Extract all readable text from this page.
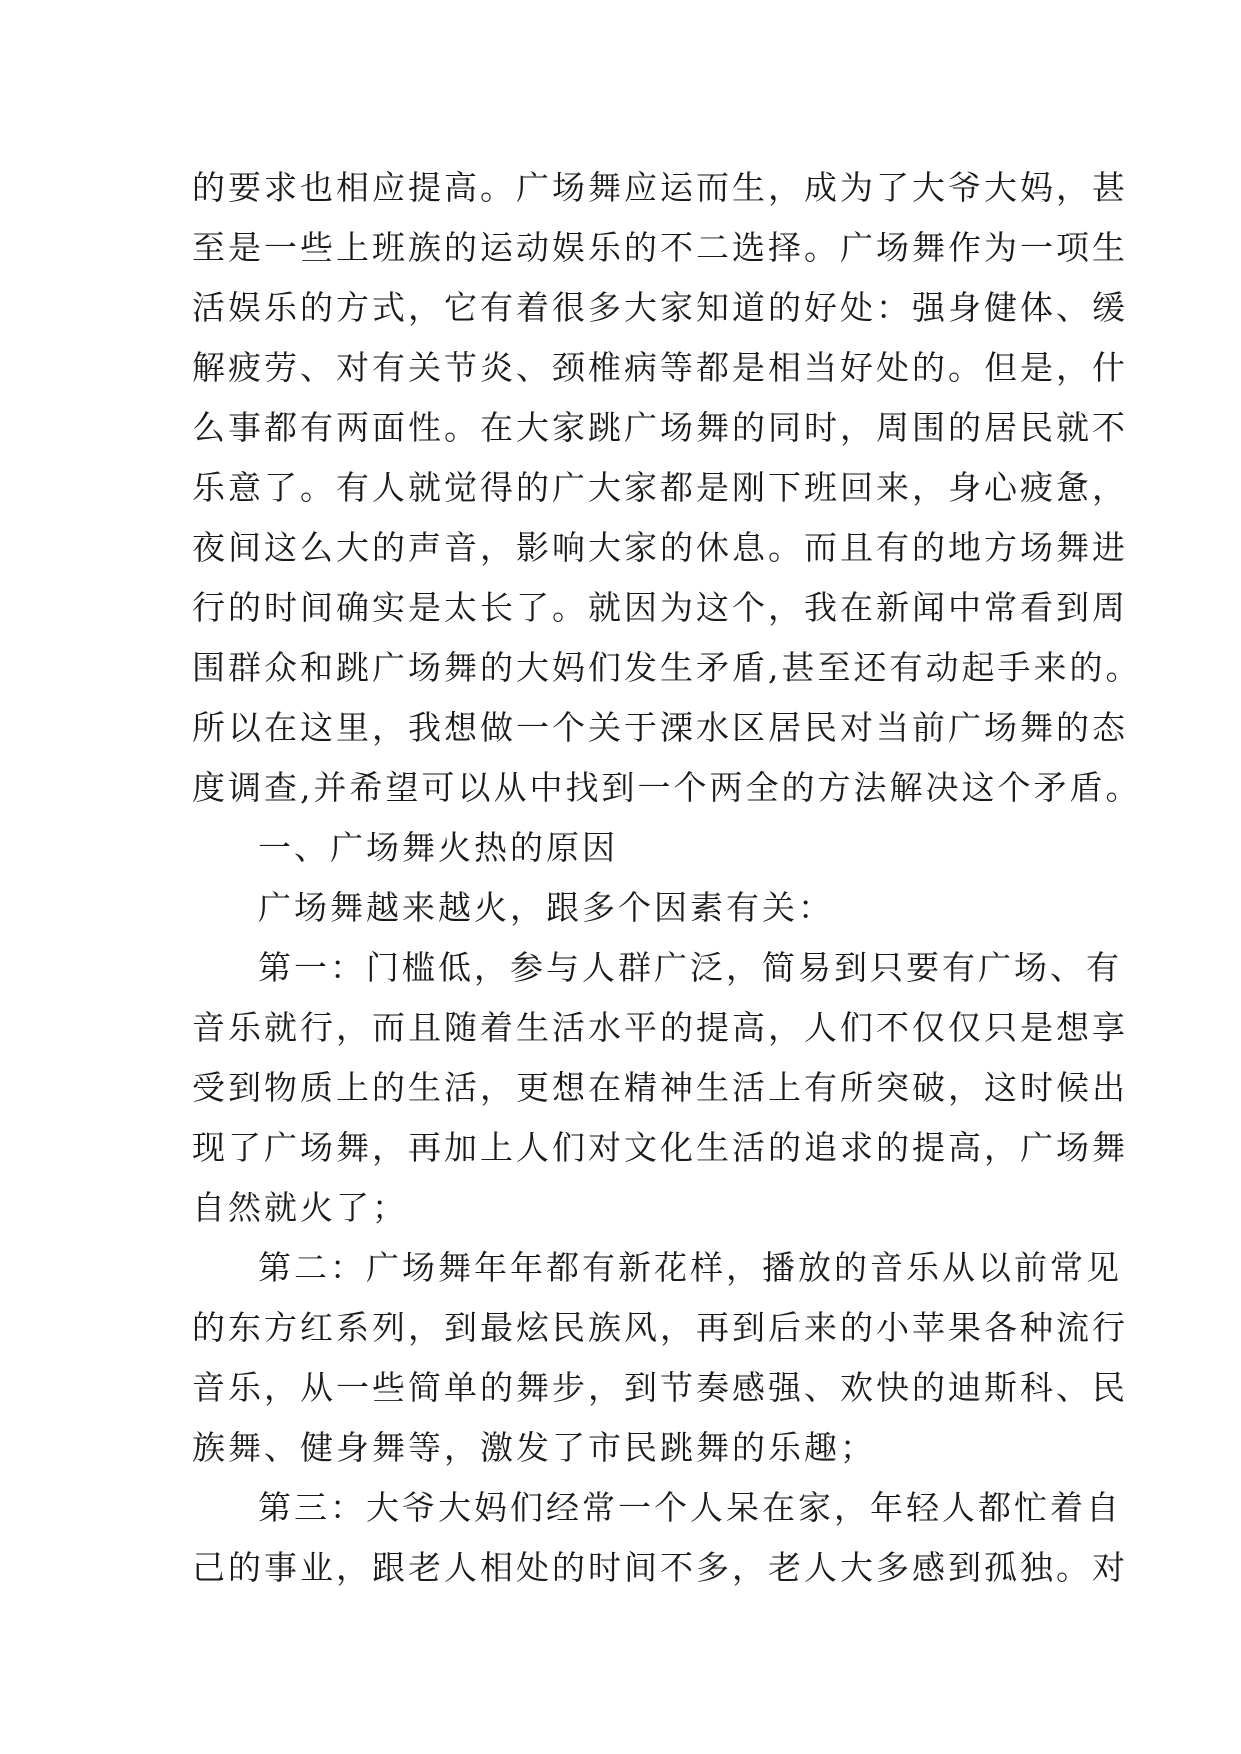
的要求也相应提高。广场舞应运而生，成为了大爷大妈，甚
至是一些上班族的运动娱乐的不二选择。广场舞作为一项生
活娱乐的方式，它有着很多大家知道的好处：强身健体、缓
解疲劳、对有关节炎、颈椎病等都是相当好处的。但是，什
么事都有两面性。在大家跳广场舞的同时，周围的居民就不
乐意了。有人就觉得的广大家都是刚下班回来，身心疲惫，
夜间这么大的声音，影响大家的休息。而且有的地方场舞进
行的时间确实是太长了。就因为这个，我在新闻中常看到周
围群众和跳广场舞的大妈们发生矛盾,甚至还有动起手来的。
所以在这里，我想做一个关于溧水区居民对当前广场舞的态
度调查,并希望可以从中找到一个两全的方法解决这个矛盾。
一、广场舞火热的原因
广场舞越来越火，跟多个因素有关：
第一：门槛低，参与人群广泛，简易到只要有广场、有
音乐就行，而且随着生活水平的提高，人们不仅仅只是想享
受到物质上的生活，更想在精神生活上有所突破，这时候出
现了广场舞，再加上人们对文化生活的追求的提高，广场舞
自然就火了；
第二：广场舞年年都有新花样，播放的音乐从以前常见
的东方红系列，到最炫民族风，再到后来的小苹果各种流行
音乐，从一些简单的舞步，到节奏感强、欢快的迪斯科、民
族舞、健身舞等，激发了市民跳舞的乐趣；
第三：大爷大妈们经常一个人呆在家，年轻人都忙着自
己的事业，跟老人相处的时间不多，老人大多感到孤独。对
